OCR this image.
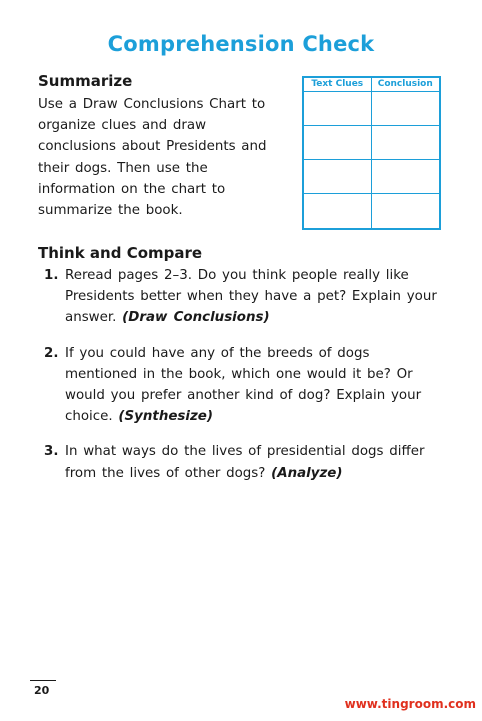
Comprehension Check
Summarize
Use a Draw Conclusions Chart to organize clues and draw conclusions about Presidents and their dogs. Then use the information on the chart to summarize the book.
Text Clues	Conclusion
Think and Compare
1. Reread pages 2–3. Do you think people really like Presidents better when they have a pet? Explain your answer. (Draw Conclusions)
2. If you could have any of the breeds of dogs mentioned in the book, which one would it be? Or would you prefer another kind of dog? Explain your choice. (Synthesize)
3. In what ways do the lives of presidential dogs differ from the lives of other dogs? (Analyze)
20
www.tingroom.com
